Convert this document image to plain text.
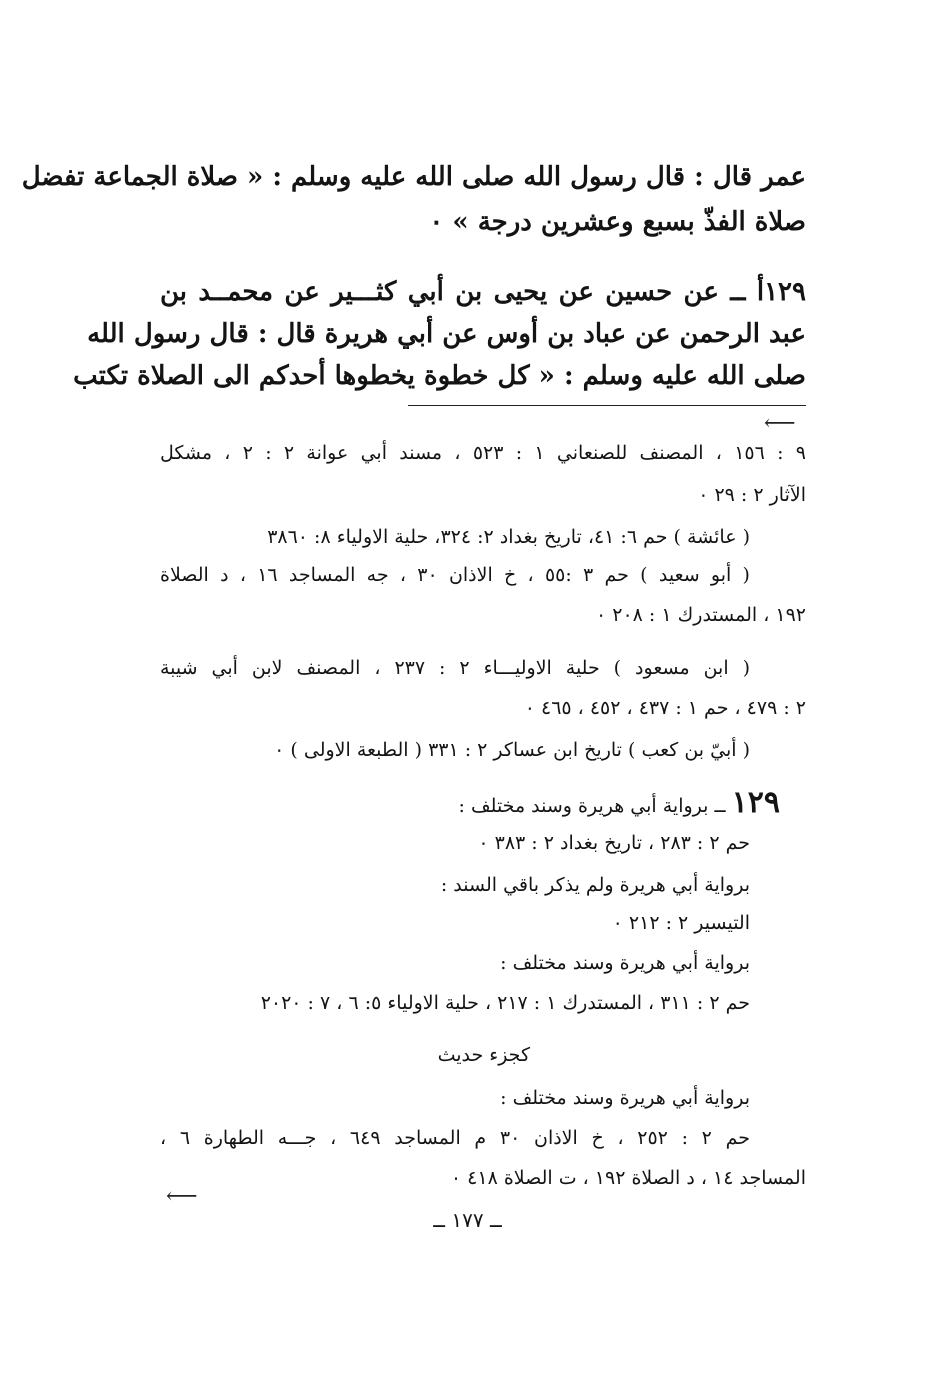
عمر قال : قال رسول الله صلى الله عليه وسلم : « صلاة الجماعة تفضل
صلاة الفذّ بسبع وعشرين درجة » ٠
١٢٩أ ــ عن حسين عن يحيى بن أبي كثـــير عن محمــد بن
عبد الرحمن عن عباد بن أوس عن أبي هريرة قال : قال رسول الله
صلى الله عليه وسلم : « كل خطوة يخطوها أحدكم الى الصلاة تكتب
⟵
٩ : ١٥٦ ، المصنف للصنعاني ١ : ٥٢٣ ، مسند أبي عوانة ٢ : ٢ ، مشكل
الآثار ٢ : ٢٩ ٠
( عائشة ) حم ٦: ٤١، تاريخ بغداد ٢: ٣٢٤، حلية الاولياء ٨: ٣٨٦٠
( أبو سعيد ) حم ٣ :٥٥ ، خ الاذان ٣٠ ، جه المساجد ١٦ ، د الصلاة
١٩٢ ، المستدرك ١ : ٢٠٨ ٠
( ابن مسعود ) حلية الاوليـــاء ٢ : ٢٣٧ ، المصنف لابن أبي شيبة
٢ : ٤٧٩ ، حم ١ : ٤٣٧ ، ٤٥٢ ، ٤٦٥ ٠
( أبيّ بن كعب ) تاريخ ابن عساكر ٢ : ٣٣١ ( الطبعة الاولى ) ٠
١٢٩ ــ برواية أبي هريرة وسند مختلف :
حم ٢ : ٢٨٣ ، تاريخ بغداد ٢ : ٣٨٣ ٠
برواية أبي هريرة ولم يذكر باقي السند :
التيسير ٢ : ٢١٢ ٠
برواية أبي هريرة وسند مختلف :
حم ٢ : ٣١١ ، المستدرك ١ : ٢١٧ ، حلية الاولياء ٥: ٦ ، ٧ : ٢٠٢٠
كجزء حديث
برواية أبي هريرة وسند مختلف :
حم ٢ : ٢٥٢ ، خ الاذان ٣٠ م المساجد ٦٤٩ ، جـــه الطهارة ٦ ،
المساجد ١٤ ، د الصلاة ١٩٢ ، ت الصلاة ٤١٨ ٠
⟵
ــ ١٧٧ ــ
